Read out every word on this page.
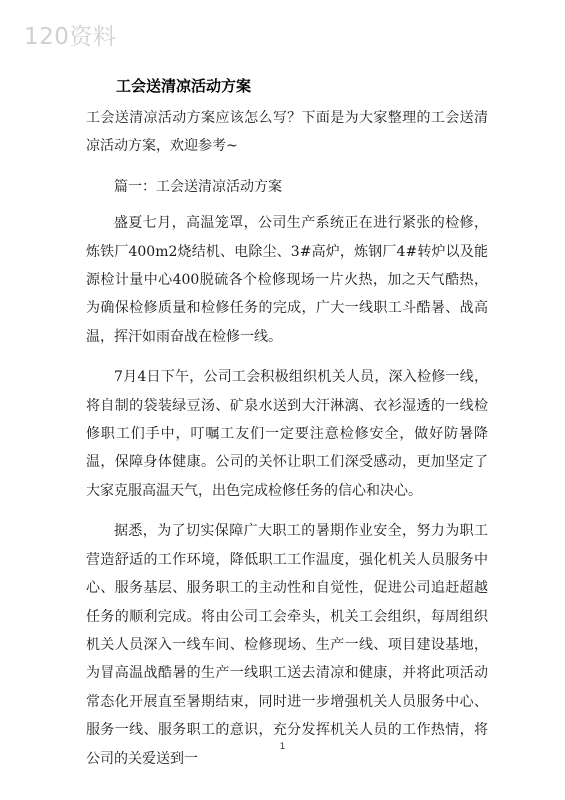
120资料
工会送清凉活动方案

工会送清凉活动方案应该怎么写？下面是为大家整理的工会送清凉活动方案，欢迎参考~

篇一：工会送清凉活动方案

盛夏七月，高温笼罩，公司生产系统正在进行紧张的检修，炼铁厂400m2烧结机、电除尘、3#高炉，炼钢厂4#转炉以及能源检计量中心400脱硫各个检修现场一片火热，加之天气酷热，为确保检修质量和检修任务的完成，广大一线职工斗酷暑、战高温，挥汗如雨奋战在检修一线。

7月4日下午，公司工会积极组织机关人员，深入检修一线，将自制的袋装绿豆汤、矿泉水送到大汗淋漓、衣衫湿透的一线检修职工们手中，叮嘱工友们一定要注意检修安全，做好防暑降温，保障身体健康。公司的关怀让职工们深受感动，更加坚定了大家克服高温天气，出色完成检修任务的信心和决心。

据悉，为了切实保障广大职工的暑期作业安全，努力为职工营造舒适的工作环境，降低职工工作温度，强化机关人员服务中心、服务基层、服务职工的主动性和自觉性，促进公司追赶超越任务的顺利完成。将由公司工会牵头，机关工会组织，每周组织机关人员深入一线车间、检修现场、生产一线、项目建设基地，为冒高温战酷暑的生产一线职工送去清凉和健康，并将此项活动常态化开展直至暑期结束，同时进一步增强机关人员服务中心、服务一线、服务职工的意识，充分发挥机关人员的工作热情，将公司的关爱送到一

1
